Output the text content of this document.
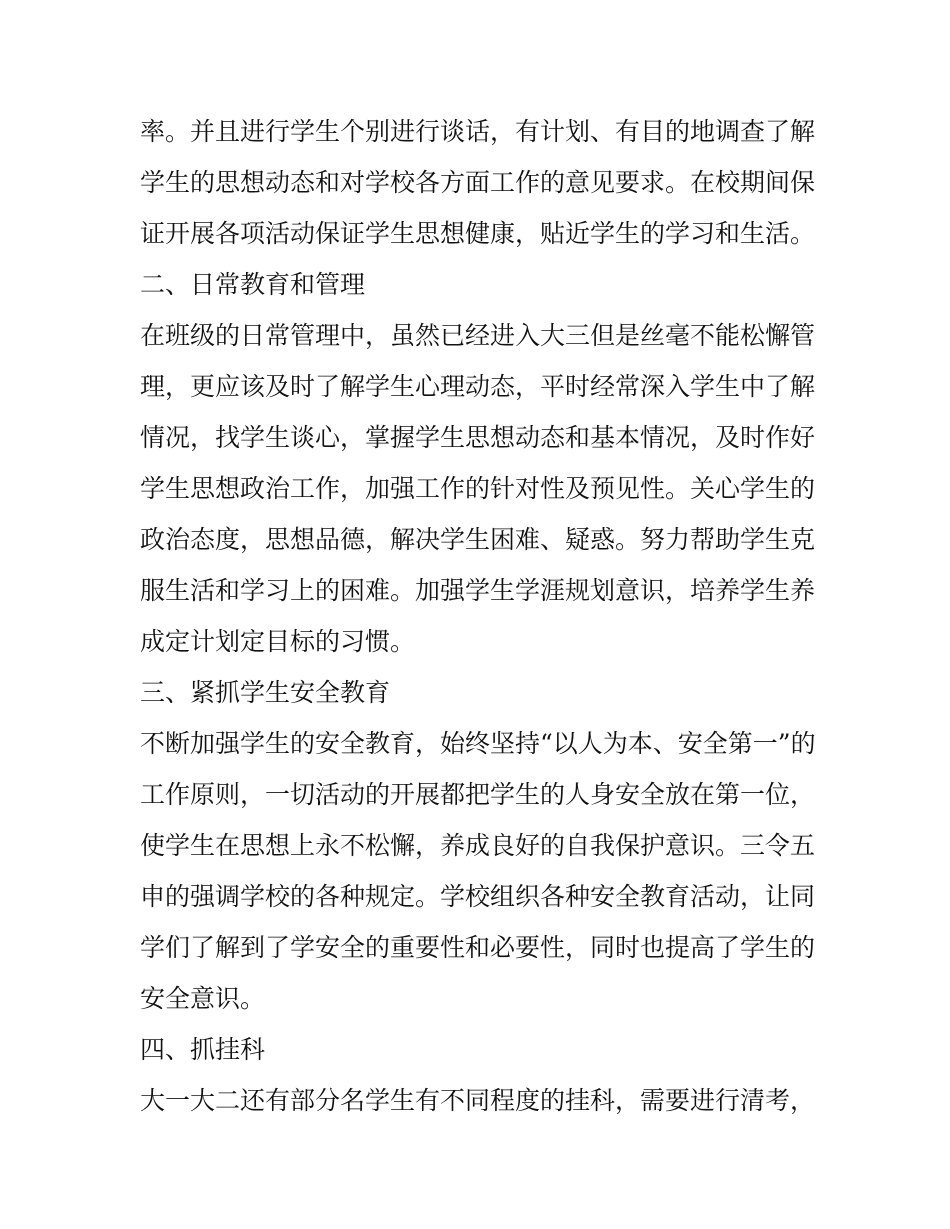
率。并且进行学生个别进行谈话，有计划、有目的地调查了解
学生的思想动态和对学校各方面工作的意见要求。在校期间保
证开展各项活动保证学生思想健康，贴近学生的学习和生活。
二、日常教育和管理
在班级的日常管理中，虽然已经进入大三但是丝毫不能松懈管
理，更应该及时了解学生心理动态，平时经常深入学生中了解
情况，找学生谈心，掌握学生思想动态和基本情况，及时作好
学生思想政治工作，加强工作的针对性及预见性。关心学生的
政治态度，思想品德，解决学生困难、疑惑。努力帮助学生克
服生活和学习上的困难。加强学生学涯规划意识，培养学生养
成定计划定目标的习惯。
三、紧抓学生安全教育
不断加强学生的安全教育，始终坚持“以人为本、安全第一”的
工作原则，一切活动的开展都把学生的人身安全放在第一位，
使学生在思想上永不松懈，养成良好的自我保护意识。三令五
申的强调学校的各种规定。学校组织各种安全教育活动，让同
学们了解到了学安全的重要性和必要性，同时也提高了学生的
安全意识。
四、抓挂科
大一大二还有部分名学生有不同程度的挂科，需要进行清考，
